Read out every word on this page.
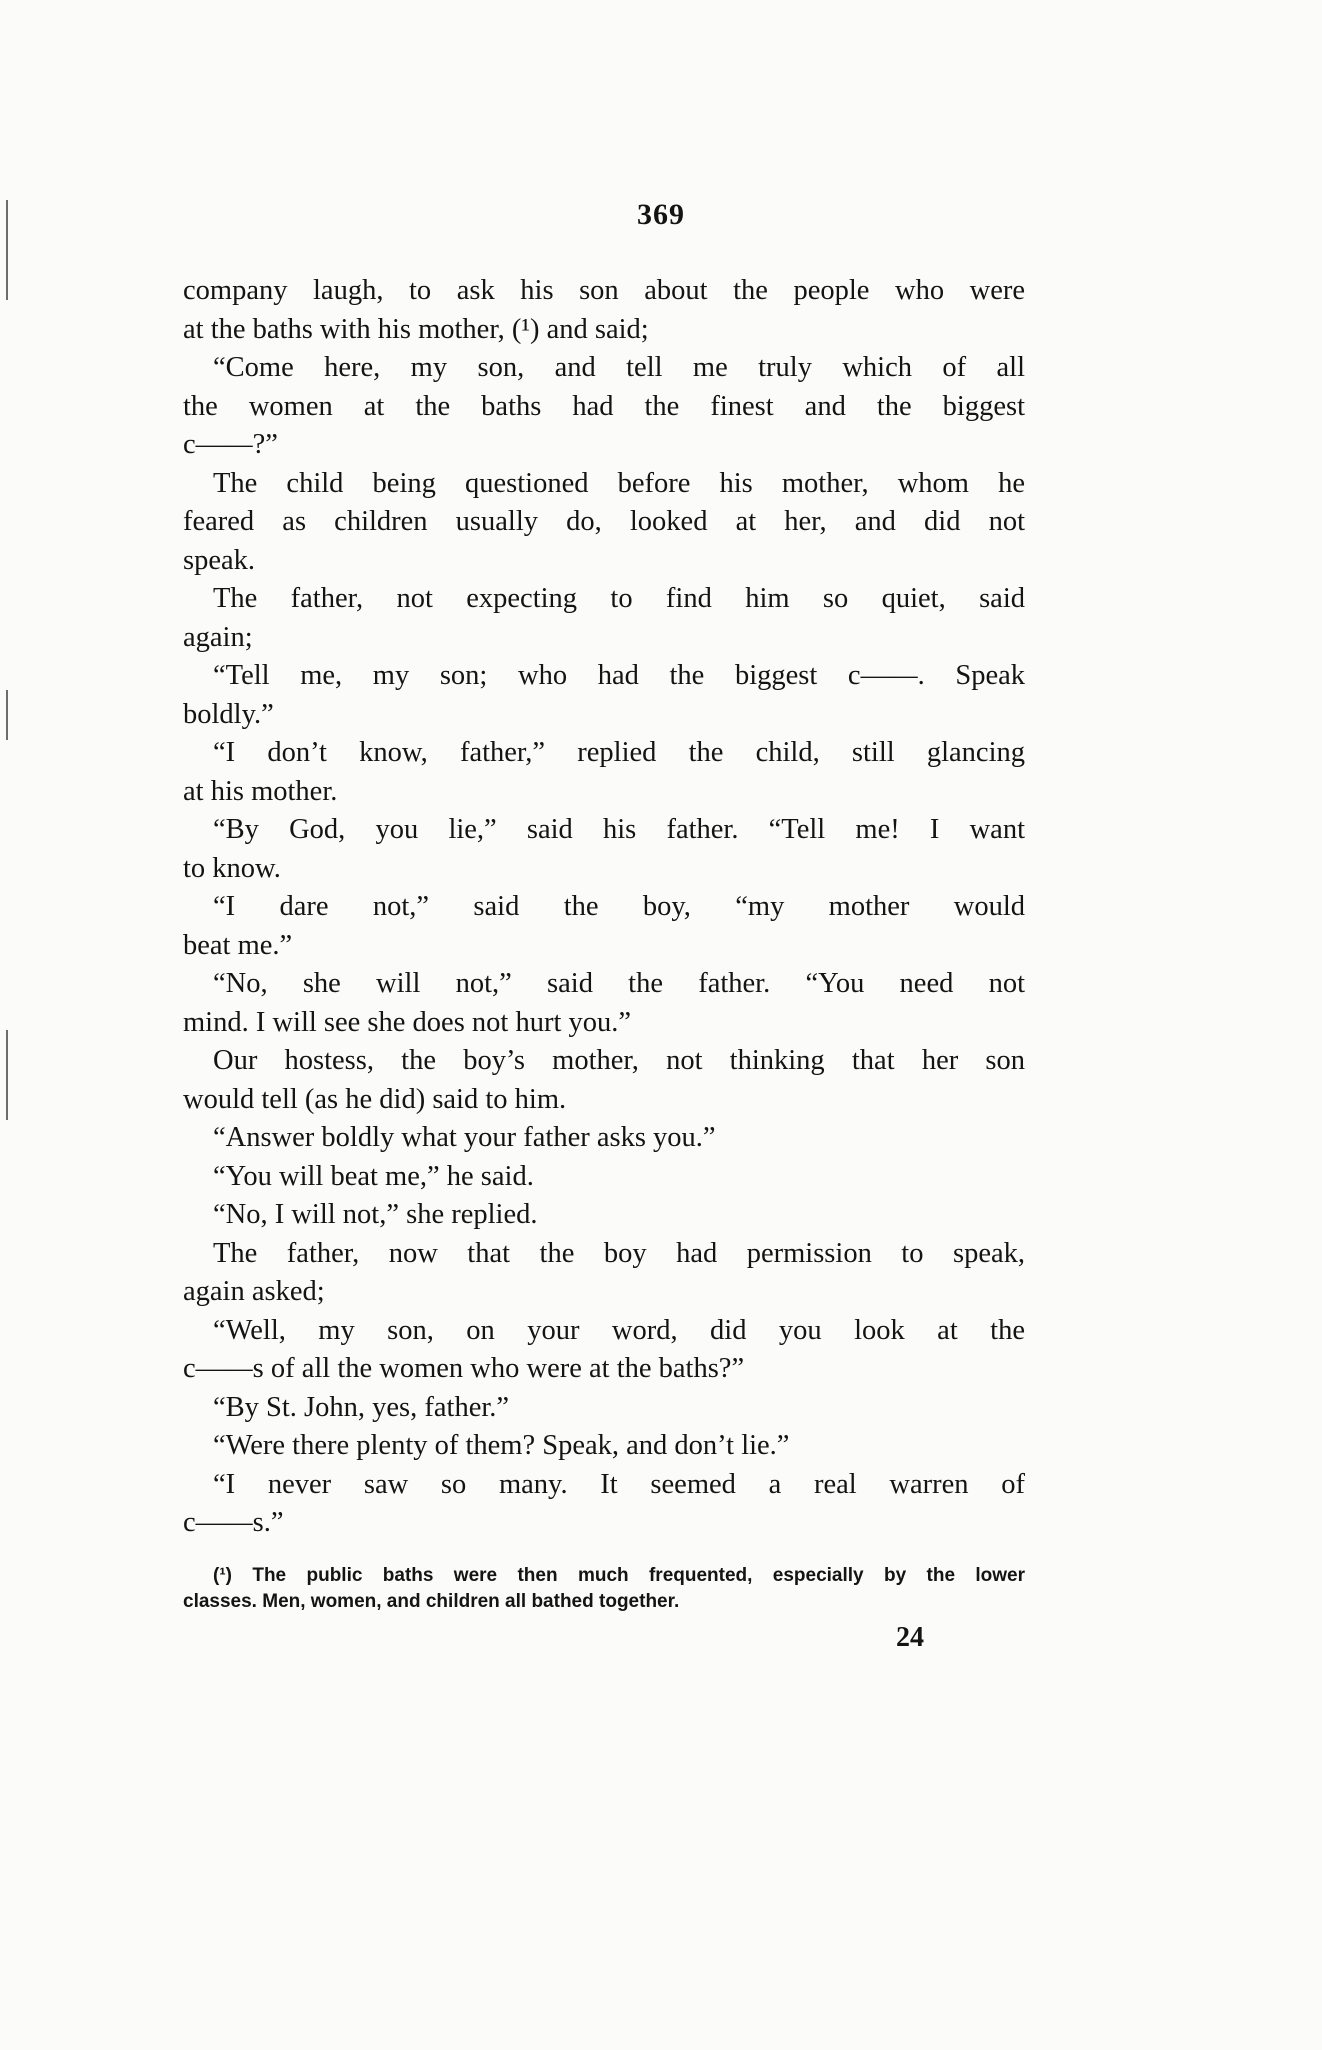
369
company laugh, to ask his son about the people who were
at the baths with his mother, (¹) and said;
“Come here, my son, and tell me truly which of all
the women at the baths had the finest and the biggest
c——?”
The child being questioned before his mother, whom he
feared as children usually do, looked at her, and did not
speak.
The father, not expecting to find him so quiet, said
again;
“Tell me, my son; who had the biggest c——. Speak
boldly.”
“I don’t know, father,” replied the child, still glancing
at his mother.
“By God, you lie,” said his father. “Tell me! I want
to know.
“I dare not,” said the boy, “my mother would
beat me.”
“No, she will not,” said the father. “You need not
mind. I will see she does not hurt you.”
Our hostess, the boy’s mother, not thinking that her son
would tell (as he did) said to him.
“Answer boldly what your father asks you.”
“You will beat me,” he said.
“No, I will not,” she replied.
The father, now that the boy had permission to speak,
again asked;
“Well, my son, on your word, did you look at the
c——s of all the women who were at the baths?”
“By St. John, yes, father.”
“Were there plenty of them? Speak, and don’t lie.”
“I never saw so many. It seemed a real warren of
c——s.”
(¹) The public baths were then much frequented, especially by the lower
classes. Men, women, and children all bathed together.
24
